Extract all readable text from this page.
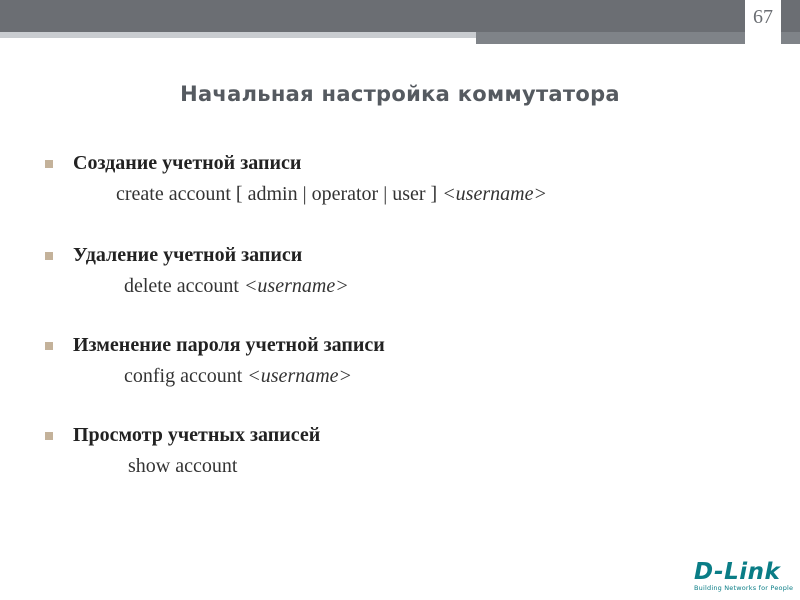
67
Начальная настройка коммутатора
Создание учетной записи
create account [ admin | operator | user ] <username>
Удаление учетной записи
delete account <username>
Изменение пароля учетной записи
config account <username>
Просмотр учетных записей
show account
D-Link
Building Networks for People
